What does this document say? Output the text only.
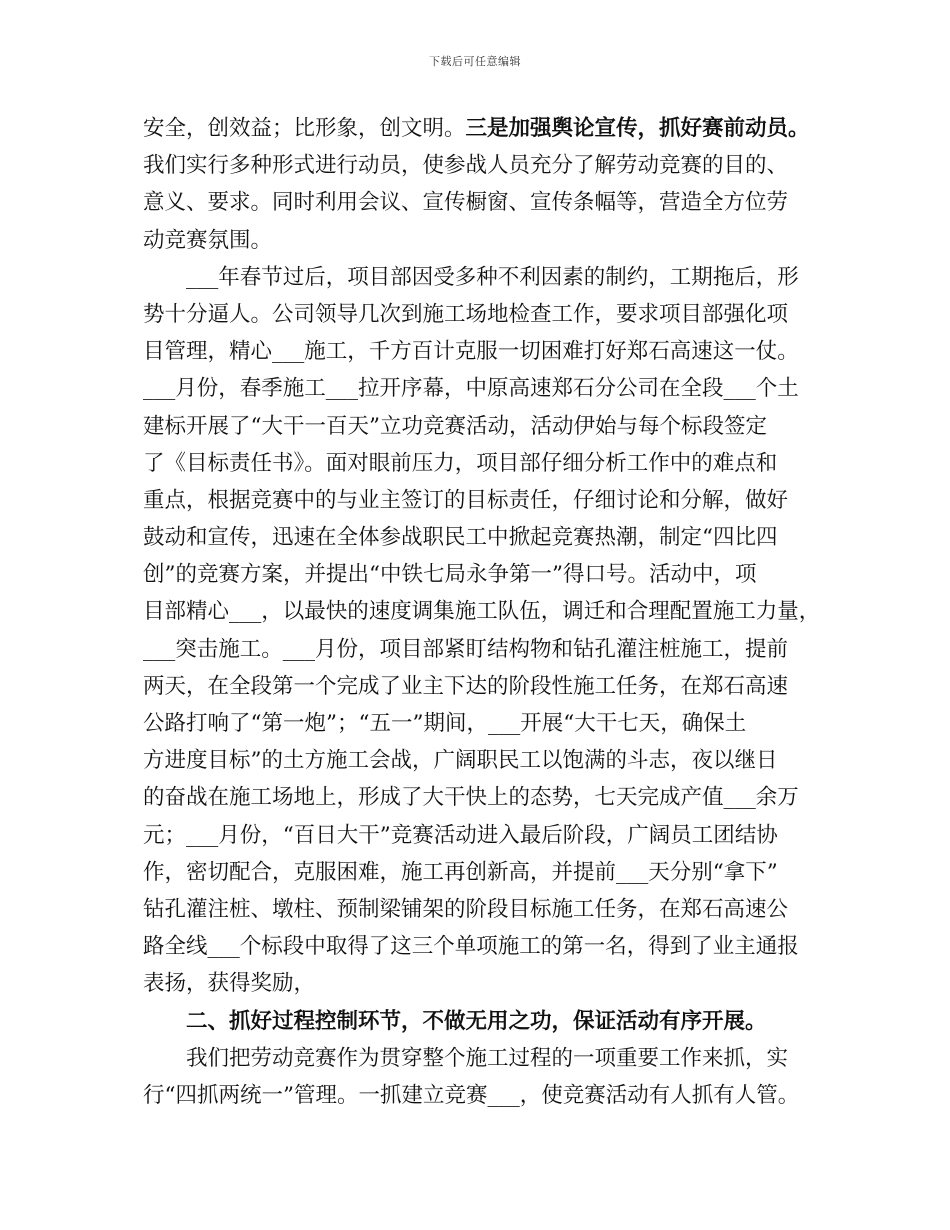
下载后可任意编辑
安全，创效益；比形象，创文明。三是加强舆论宣传，抓好赛前动员。
我们实行多种形式进行动员，使参战人员充分了解劳动竞赛的目的、
意义、要求。同时利用会议、宣传橱窗、宣传条幅等，营造全方位劳
动竞赛氛围。
___年春节过后，项目部因受多种不利因素的制约，工期拖后，形
势十分逼人。公司领导几次到施工场地检查工作，要求项目部强化项
目管理，精心___施工，千方百计克服一切困难打好郑石高速这一仗。
___月份，春季施工___拉开序幕，中原高速郑石分公司在全段___个土
建标开展了“大干一百天”立功竞赛活动，活动伊始与每个标段签定
了《目标责任书》。面对眼前压力，项目部仔细分析工作中的难点和
重点，根据竞赛中的与业主签订的目标责任，仔细讨论和分解，做好
鼓动和宣传，迅速在全体参战职民工中掀起竞赛热潮，制定“四比四
创”的竞赛方案，并提出“中铁七局永争第一”得口号。活动中，项
目部精心___，以最快的速度调集施工队伍，调迁和合理配置施工力量，
___突击施工。___月份，项目部紧盯结构物和钻孔灌注桩施工，提前
两天，在全段第一个完成了业主下达的阶段性施工任务，在郑石高速
公路打响了“第一炮”；“五一”期间，___开展“大干七天，确保土
方进度目标”的土方施工会战，广阔职民工以饱满的斗志，夜以继日
的奋战在施工场地上，形成了大干快上的态势，七天完成产值___余万
元；___月份，“百日大干”竞赛活动进入最后阶段，广阔员工团结协
作，密切配合，克服困难，施工再创新高，并提前___天分别“拿下”
钻孔灌注桩、墩柱、预制梁铺架的阶段目标施工任务，在郑石高速公
路全线___个标段中取得了这三个单项施工的第一名，得到了业主通报
表扬，获得奖励，
二、抓好过程控制环节，不做无用之功，保证活动有序开展。
我们把劳动竞赛作为贯穿整个施工过程的一项重要工作来抓，实
行“四抓两统一”管理。一抓建立竞赛___，使竞赛活动有人抓有人管。
